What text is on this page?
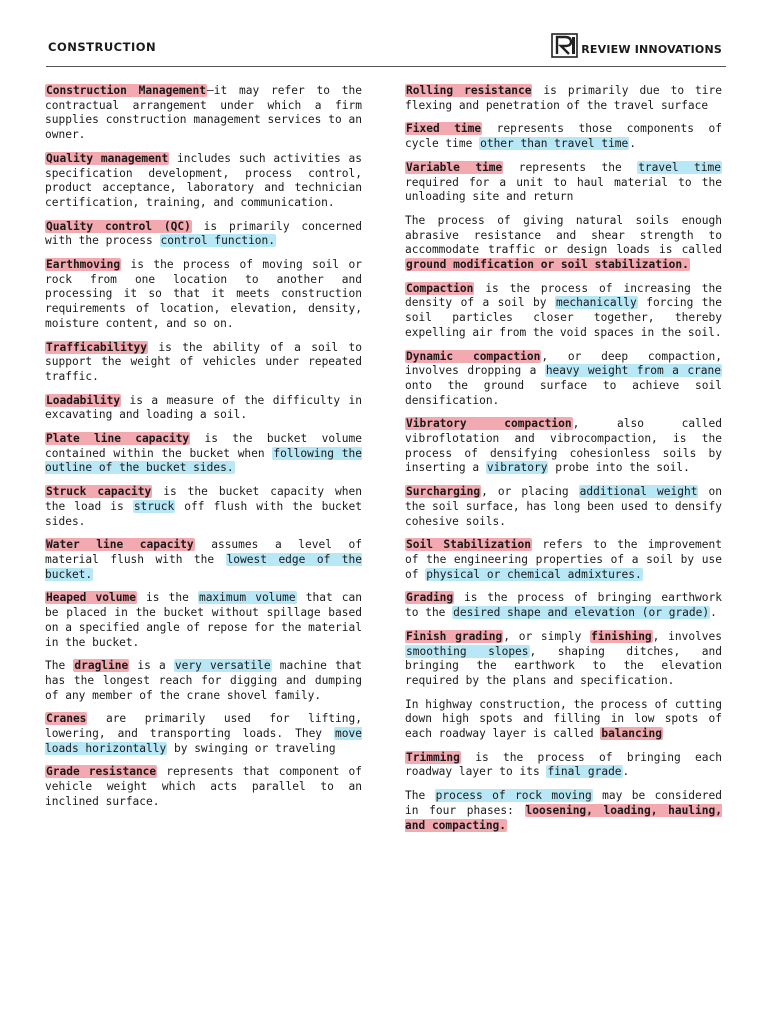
CONSTRUCTION	REVIEW INNOVATIONS

Construction Management–it may refer to the contractual arrangement under which a firm supplies construction management services to an owner.

Quality management includes such activities as specification development, process control, product acceptance, laboratory and technician certification, training, and communication.

Quality control (QC) is primarily concerned with the process control function.

Earthmoving is the process of moving soil or rock from one location to another and processing it so that it meets construction requirements of location, elevation, density, moisture content, and so on.

Trafficabilityy is the ability of a soil to support the weight of vehicles under repeated traffic.

Loadability is a measure of the difficulty in excavating and loading a soil.

Plate line capacity is the bucket volume contained within the bucket when following the outline of the bucket sides.

Struck capacity is the bucket capacity when the load is struck off flush with the bucket sides.

Water line capacity assumes a level of material flush with the lowest edge of the bucket.

Heaped volume is the maximum volume that can be placed in the bucket without spillage based on a specified angle of repose for the material in the bucket.

The dragline is a very versatile machine that has the longest reach for digging and dumping of any member of the crane shovel family.

Cranes are primarily used for lifting, lowering, and transporting loads. They move loads horizontally by swinging or traveling

Grade resistance represents that component of vehicle weight which acts parallel to an inclined surface.

Rolling resistance is primarily due to tire flexing and penetration of the travel surface

Fixed time represents those components of cycle time other than travel time.

Variable time represents the travel time required for a unit to haul material to the unloading site and return

The process of giving natural soils enough abrasive resistance and shear strength to accommodate traffic or design loads is called ground modification or soil stabilization.

Compaction is the process of increasing the density of a soil by mechanically forcing the soil particles closer together, thereby expelling air from the void spaces in the soil.

Dynamic compaction, or deep compaction, involves dropping a heavy weight from a crane onto the ground surface to achieve soil densification.

Vibratory compaction, also called vibroflotation and vibrocompaction, is the process of densifying cohesionless soils by inserting a vibratory probe into the soil.

Surcharging, or placing additional weight on the soil surface, has long been used to densify cohesive soils.

Soil Stabilization refers to the improvement of the engineering properties of a soil by use of physical or chemical admixtures.

Grading is the process of bringing earthwork to the desired shape and elevation (or grade).

Finish grading, or simply finishing, involves smoothing slopes, shaping ditches, and bringing the earthwork to the elevation required by the plans and specification.

In highway construction, the process of cutting down high spots and filling in low spots of each roadway layer is called balancing

Trimming is the process of bringing each roadway layer to its final grade.

The process of rock moving may be considered in four phases: loosening, loading, hauling, and compacting.
